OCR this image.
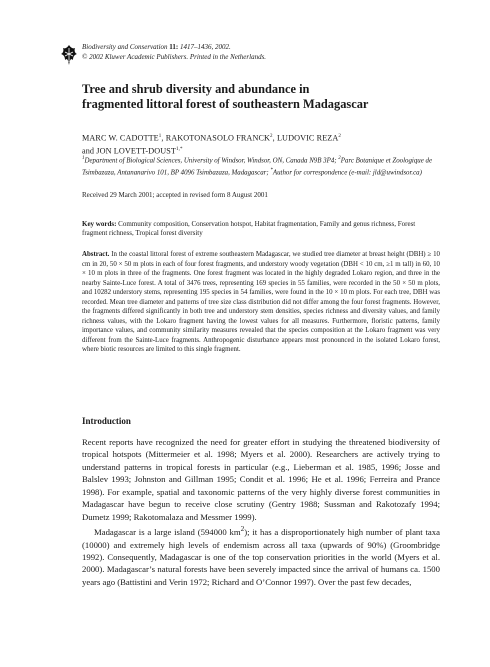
Biodiversity and Conservation 11: 1417–1436, 2002.
© 2002 Kluwer Academic Publishers. Printed in the Netherlands.
Tree and shrub diversity and abundance in
fragmented littoral forest of southeastern Madagascar
MARC W. CADOTTE$^1$, RAKOTONASOLO FRANCK$^2$, LUDOVIC REZA$^2$
and JON LOVETT-$DOUST^{1,*}$
$^1$Department of Biological Sciences, University of Windsor, Windsor, ON, Canada N9B 3P4; $^2$Parc Botanique et Zoologique de Tsimbazaza, Antananarivo 101, BP 4096 Tsimbazaza, Madagascar; *Author for correspondence (e-mail: jld@uwindsor.ca)
Received 29 March 2001; accepted in revised form 8 August 2001
Key words: Community composition, Conservation hotspot, Habitat fragmentation, Family and genus richness, Forest fragment richness, Tropical forest diversity
Abstract. In the coastal littoral forest of extreme southeastern Madagascar, we studied tree diameter at breast height (DBH) ≥ 10 cm in 20, 50 × 50 m plots in each of four forest fragments, and understory woody vegetation (DBH < 10 cm, ≥1 m tall) in 60, 10 × 10 m plots in three of the fragments. One forest fragment was located in the highly degraded Lokaro region, and three in the nearby Sainte-Luce forest. A total of 3476 trees, representing 169 species in 55 families, were recorded in the 50 × 50 m plots, and 10282 understory stems, representing 195 species in 54 families, were found in the 10 × 10 m plots. For each tree, DBH was recorded. Mean tree diameter and patterns of tree size class distribution did not differ among the four forest fragments. However, the fragments differed significantly in both tree and understory stem densities, species richness and diversity values, and family richness values, with the Lokaro fragment having the lowest values for all measures. Furthermore, floristic patterns, family importance values, and community similarity measures revealed that the species composition at the Lokaro fragment was very different from the Sainte-Luce fragments. Anthropogenic disturbance appears most pronounced in the isolated Lokaro forest, where biotic resources are limited to this single fragment.
Introduction

Recent reports have recognized the need for greater effort in studying the threatened biodiversity of tropical hotspots (Mittermeier et al. 1998; Myers et al. 2000). Researchers are actively trying to understand patterns in tropical forests in particular (e.g., Lieberman et al. 1985, 1996; Josse and Balslev 1993; Johnston and Gillman 1995; Condit et al. 1996; He et al. 1996; Ferreira and Prance 1998). For example, spatial and taxonomic patterns of the very highly diverse forest communities in Madagascar have begun to receive close scrutiny (Gentry 1988; Sussman and Rakotozafy 1994; Dumetz 1999; Rakotomalaza and Messmer 1999).

Madagascar is a large island (594000 $km^2$); it has a disproportionately high number of plant taxa (10000) and extremely high levels of endemism across all taxa (upwards of 90%) (Groombridge 1992). Consequently, Madagascar is one of the top conservation priorities in the world (Myers et al. 2000). Madagascar’s natural forests have been severely impacted since the arrival of humans ca. 1500 years ago (Battistini and Verin 1972; Richard and O’Connor 1997). Over the past few decades,
